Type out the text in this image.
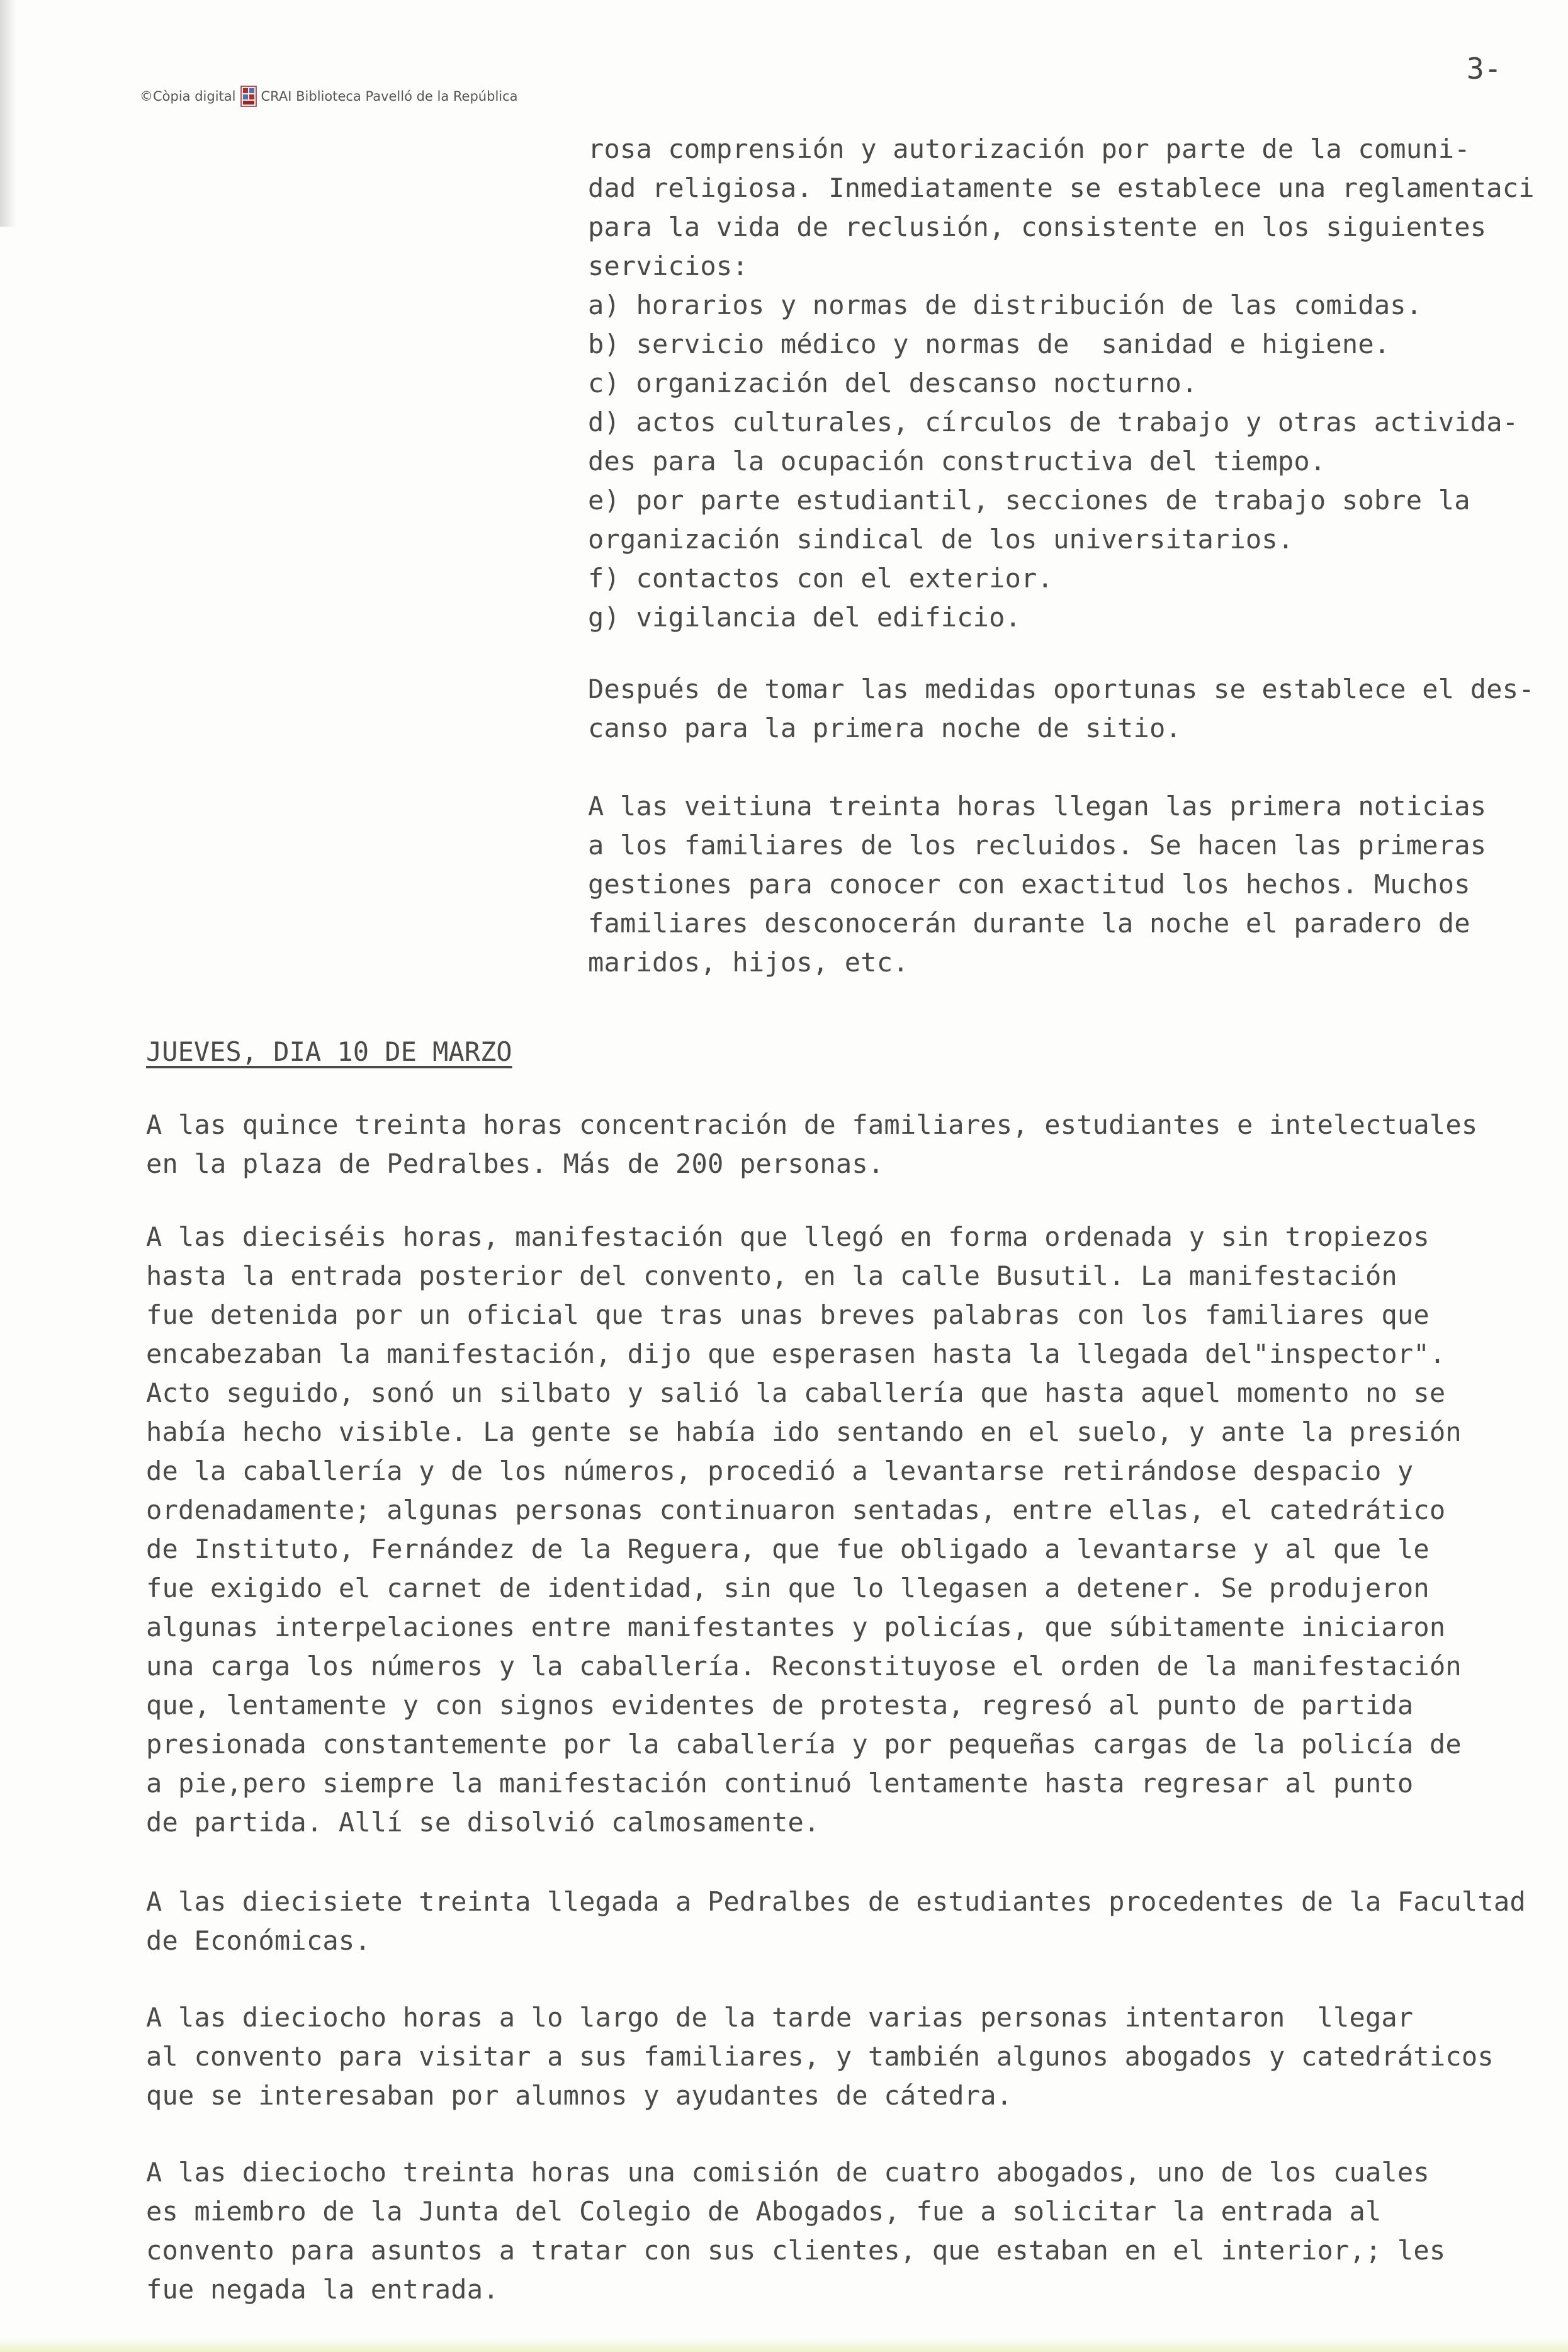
©Còpia digital CRAI Biblioteca Pavelló de la República
3-
rosa comprensión y autorización por parte de la comuni-
dad religiosa. Inmediatamente se establece una reglamentaci
para la vida de reclusión, consistente en los siguientes
servicios:
a) horarios y normas de distribución de las comidas.
b) servicio médico y normas de  sanidad e higiene.
c) organización del descanso nocturno.
d) actos culturales, círculos de trabajo y otras activida-
des para la ocupación constructiva del tiempo.
e) por parte estudiantil, secciones de trabajo sobre la
organización sindical de los universitarios.
f) contactos con el exterior.
g) vigilancia del edificio.
Después de tomar las medidas oportunas se establece el des-
canso para la primera noche de sitio.
A las veitiuna treinta horas llegan las primera noticias
a los familiares de los recluidos. Se hacen las primeras
gestiones para conocer con exactitud los hechos. Muchos
familiares desconocerán durante la noche el paradero de
maridos, hijos, etc.
JUEVES, DIA 10 DE MARZO
A las quince treinta horas concentración de familiares, estudiantes e intelectuales
en la plaza de Pedralbes. Más de 200 personas.
A las dieciséis horas, manifestación que llegó en forma ordenada y sin tropiezos
hasta la entrada posterior del convento, en la calle Busutil. La manifestación
fue detenida por un oficial que tras unas breves palabras con los familiares que
encabezaban la manifestación, dijo que esperasen hasta la llegada del"inspector".
Acto seguido, sonó un silbato y salió la caballería que hasta aquel momento no se
había hecho visible. La gente se había ido sentando en el suelo, y ante la presión
de la caballería y de los números, procedió a levantarse retirándose despacio y
ordenadamente; algunas personas continuaron sentadas, entre ellas, el catedrático
de Instituto, Fernández de la Reguera, que fue obligado a levantarse y al que le
fue exigido el carnet de identidad, sin que lo llegasen a detener. Se produjeron
algunas interpelaciones entre manifestantes y policías, que súbitamente iniciaron
una carga los números y la caballería. Reconstituyose el orden de la manifestación
que, lentamente y con signos evidentes de protesta, regresó al punto de partida
presionada constantemente por la caballería y por pequeñas cargas de la policía de
a pie,pero siempre la manifestación continuó lentamente hasta regresar al punto
de partida. Allí se disolvió calmosamente.
A las diecisiete treinta llegada a Pedralbes de estudiantes procedentes de la Facultad
de Económicas.
A las dieciocho horas a lo largo de la tarde varias personas intentaron  llegar
al convento para visitar a sus familiares, y también algunos abogados y catedráticos
que se interesaban por alumnos y ayudantes de cátedra.
A las dieciocho treinta horas una comisión de cuatro abogados, uno de los cuales
es miembro de la Junta del Colegio de Abogados, fue a solicitar la entrada al
convento para asuntos a tratar con sus clientes, que estaban en el interior,; les
fue negada la entrada.
